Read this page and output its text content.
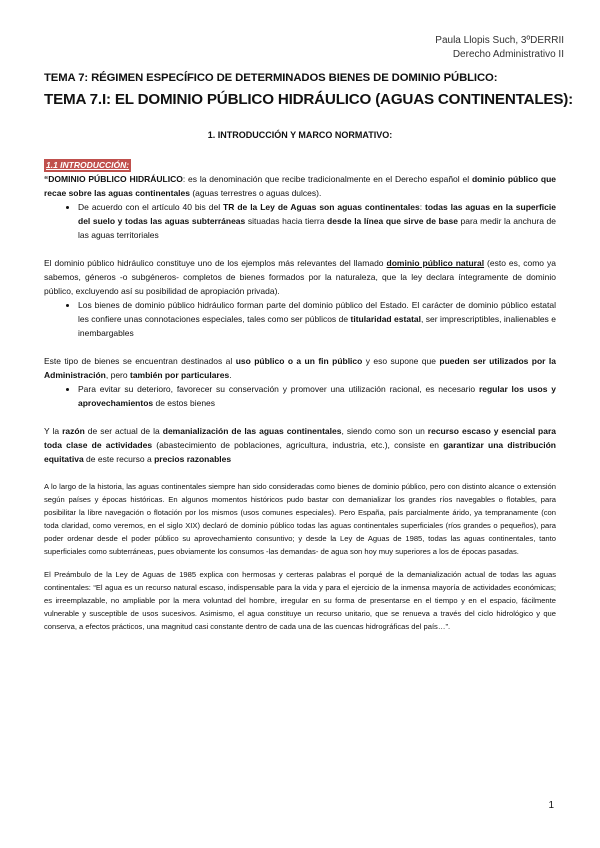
Paula Llopis Such, 3ºDERRII
Derecho Administrativo II
TEMA 7: RÉGIMEN ESPECÍFICO DE DETERMINADOS BIENES DE DOMINIO PÚBLICO:
TEMA 7.I: EL DOMINIO PÚBLICO HIDRÁULICO (AGUAS CONTINENTALES):
1. INTRODUCCIÓN Y MARCO NORMATIVO:
1.1 INTRODUCCIÓN:

“DOMINIO PÚBLICO HIDRÁULICO: es la denominación que recibe tradicionalmente en el Derecho español el dominio público que recae sobre las aguas continentales (aguas terrestres o aguas dulces).

• De acuerdo con el artículo 40 bis del TR de la Ley de Aguas son aguas continentales: todas las aguas en la superficie del suelo y todas las aguas subterráneas situadas hacia tierra desde la línea que sirve de base para medir la anchura de las aguas territoriales

El dominio público hidráulico constituye uno de los ejemplos más relevantes del llamado dominio público natural (esto es, como ya sabemos, géneros -o subgéneros- completos de bienes formados por la naturaleza, que la ley declara íntegramente de dominio público, excluyendo así su posibilidad de apropiación privada).

• Los bienes de dominio público hidráulico forman parte del dominio público del Estado. El carácter de dominio público estatal les confiere unas connotaciones especiales, tales como ser públicos de titularidad estatal, ser imprescriptibles, inalienables e inembargables

Este tipo de bienes se encuentran destinados al uso público o a un fin público y eso supone que pueden ser utilizados por la Administración, pero también por particulares.

• Para evitar su deterioro, favorecer su conservación y promover una utilización racional, es necesario regular los usos y aprovechamientos de estos bienes

Y la razón de ser actual de la demanialización de las aguas continentales, siendo como son un recurso escaso y esencial para toda clase de actividades (abastecimiento de poblaciones, agricultura, industria, etc.), consiste en garantizar una distribución equitativa de este recurso a precios razonables

A lo largo de la historia, las aguas continentales siempre han sido consideradas como bienes de dominio público, pero con distinto alcance o extensión según países y épocas históricas. En algunos momentos históricos pudo bastar con demanializar los grandes ríos navegables o flotables, para posibilitar la libre navegación o flotación por los mismos (usos comunes especiales). Pero España, país parcialmente árido, ya tempranamente (con toda claridad, como veremos, en el siglo XIX) declaró de dominio público todas las aguas continentales superficiales (ríos grandes o pequeños), para poder ordenar desde el poder público su aprovechamiento consuntivo; y desde la Ley de Aguas de 1985, todas las aguas continentales, tanto superficiales como subterráneas, pues obviamente los consumos -las demandas- de agua son hoy muy superiores a los de épocas pasadas.

El Preámbulo de la Ley de Aguas de 1985 explica con hermosas y certeras palabras el porqué de la demanialización actual de todas las aguas continentales: “El agua es un recurso natural escaso, indispensable para la vida y para el ejercicio de la inmensa mayoría de actividades económicas; es irreemplazable, no ampliable por la mera voluntad del hombre, irregular en su forma de presentarse en el tiempo y en el espacio, fácilmente vulnerable y susceptible de usos sucesivos. Asimismo, el agua constituye un recurso unitario, que se renueva a través del ciclo hidrológico y que conserva, a efectos prácticos, una magnitud casi constante dentro de cada una de las cuencas hidrográficas del país…”.

1
